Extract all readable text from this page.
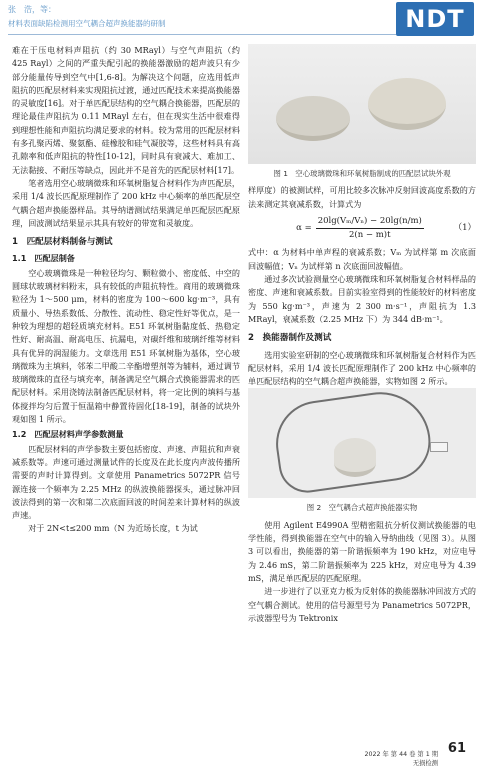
张　浩，等：
材料表面缺陷检测用空气耦合超声换能器的研制	NDT

难在于压电材料声阻抗（约 30 MRayl）与空气声阻抗（约 425 Rayl）之间的严重失配引起的换能器激励的超声波只有少部分能量传导到空气中[1,6-8]。为解决这个问题，应选用低声阻抗的匹配层材料来实现阻抗过渡，通过匹配技术来提高换能器的灵敏度[16]。对于单匹配层结构的空气耦合换能器，匹配层的理论最佳声阻抗为 0.11 MRayl 左右，但在现实生活中很难得到理想性能和声阻抗均满足要求的材料。较为常用的匹配层材料有多孔聚丙烯、聚氨酯、硅橡胶和硅气凝胶等，这些材料具有高孔隙率和低声阻抗的特性[10-12]，同时具有衰减大、难加工、无法黏接、不耐压等缺点，因此并不是首先的匹配层材料[17]。

笔者选用空心玻璃微珠和环氧树脂复合材料作为声匹配层，采用 1/4 波长匹配原理制作了 200 kHz 中心频率的单匹配层空气耦合超声换能器样品。其导纳谱测试结果满足单匹配层匹配原理，回波测试结果显示其具有较好的带宽和灵敏度。

1　匹配层材料制备与测试
1.1　匹配层制备

空心玻璃微珠是一种粒径均匀、颗粒微小、密度低、中空的圆球状玻璃材料粉末，具有较低的声阻抗特性。商用的玻璃微珠粒径为 1～500 μm，材料的密度为 100～600 kg·m⁻³，具有质量小、导热系数低、分散性、流动性、稳定性好等优点，是一种较为理想的超轻质填充材料。E51 环氧树脂黏度低、热稳定性好、耐高温、耐高电压、抗漏电，对碳纤维和玻璃纤维等材料具有优异的润湿能力。文章选用 E51 环氧树脂为基体，空心玻璃微珠为主填料，邻苯二甲酸二辛酯增塑剂等为辅料，通过调节玻璃微珠的直径与填充率，制备满足空气耦合式换能器需求的匹配层材料。采用浇铸法制备匹配层材料，将一定比例的填料与基体搅拌均匀后置于恒温箱中静置待固化[18-19]，制备的试块外观如图 1 所示。

1.2　匹配层材料声学参数测量

匹配层材料的声学参数主要包括密度、声速、声阻抗和声衰减系数等。声速可通过测量试件的长度及在此长度内声波传播所需要的声时计算得到。文章使用 Panametrics 5072PR 信号源连接一个频率为 2.25 MHz 的纵波换能器探头，通过脉冲回波法得到的第一次和第二次底面回波的时间差来计算材料的纵波声速。

对于 2N<t≤200 mm（N 为近场长度，t 为试

图 1　空心玻璃微珠和环氧树脂制成的匹配层试块外观

样厚度）的被测试样，可用比较多次脉冲反射回波高度系数的方法来测定其衰减系数，计算式为

$\alpha = \frac{\text{20lg(Vₘ/Vₙ) − 20lg(n/m)}}{2(n - m)t}$	（1）

式中：α 为材料中单声程的衰减系数；Vₘ 为试样第 m 次底面回波幅值；Vₙ 为试样第 n 次底面回波幅值。

通过多次试验测量空心玻璃微珠和环氧树脂复合材料样品的密度、声速和衰减系数。目前实验室得到的性能较好的材料密度为 550 kg·m⁻³，声速为 2 300 m·s⁻¹，声阻抗为 1.3 MRayl，衰减系数（2.25 MHz 下）为 344 dB·m⁻¹。

2　换能器制作及测试

选用实验室研制的空心玻璃微珠和环氧树脂复合材料作为匹配层材料，采用 1/4 波长匹配原理制作了 200 kHz 中心频率的单匹配层结构的空气耦合超声换能器，实物如图 2 所示。

图 2　空气耦合式超声换能器实物

使用 Agilent E4990A 型精密阻抗分析仪测试换能器的电学性能，得到换能器在空气中的输入导纳曲线（见图 3）。从图 3 可以看出，换能器的第一阶谐振频率为 190 kHz，对应电导为 2.46 mS，第二阶谐振频率为 225 kHz，对应电导为 4.39 mS，满足单匹配层的匹配原理。

进一步进行了以亚克力板为反射体的换能器脉冲回波方式的空气耦合测试。使用的信号源型号为 Panametrics 5072PR，示波器型号为 Tektronix

61
2022 年 第 44 卷 第 1 期
无损检测
